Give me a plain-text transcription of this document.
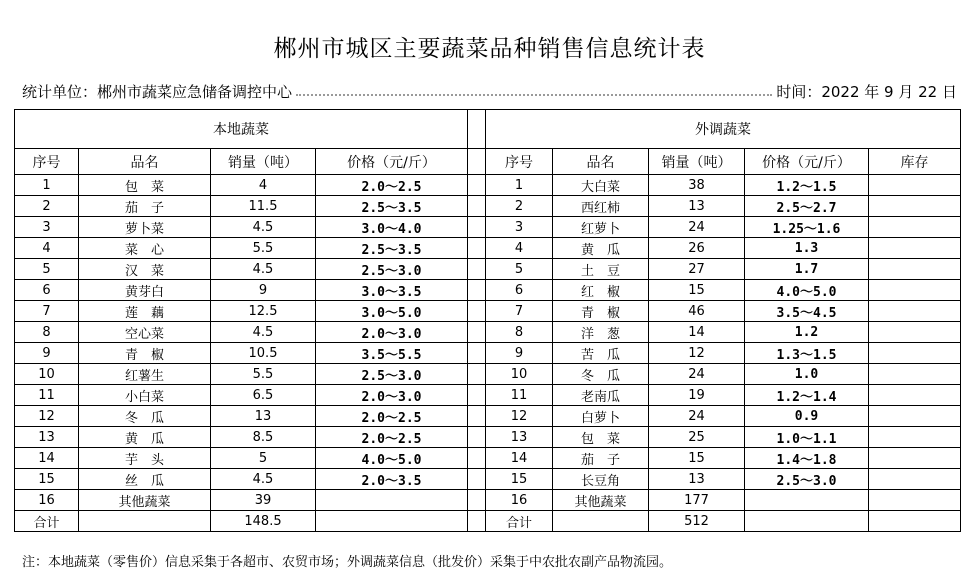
郴州市城区主要蔬菜品种销售信息统计表
统计单位：郴州市蔬菜应急储备调控中心	时间：2022 年 9 月 22 日
本地蔬菜					外调蔬菜				
序号	品名	销量（吨）	价格（元/斤）		序号	品名	销量（吨）	价格（元/斤）	库存
1	包　菜	4	2.0～2.5		1	大白菜	38	1.2～1.5	
2	茄　子	11.5	2.5～3.5		2	西红柿	13	2.5～2.7	
3	萝卜菜	4.5	3.0～4.0		3	红萝卜	24	1.25～1.6	
4	菜　心	5.5	2.5～3.5		4	黄　瓜	26	1.3	
5	汉　菜	4.5	2.5～3.0		5	土　豆	27	1.7	
6	黄芽白	9	3.0～3.5		6	红　椒	15	4.0～5.0	
7	莲　藕	12.5	3.0～5.0		7	青　椒	46	3.5～4.5	
8	空心菜	4.5	2.0～3.0		8	洋　葱	14	1.2	
9	青　椒	10.5	3.5～5.5		9	苦　瓜	12	1.3～1.5	
10	红薯生	5.5	2.5～3.0		10	冬　瓜	24	1.0	
11	小白菜	6.5	2.0～3.0		11	老南瓜	19	1.2～1.4	
12	冬　瓜	13	2.0～2.5		12	白萝卜	24	0.9	
13	黄　瓜	8.5	2.0～2.5		13	包　菜	25	1.0～1.1	
14	芋　头	5	4.0～5.0		14	茄　子	15	1.4～1.8	
15	丝　瓜	4.5	2.0～3.5		15	长豆角	13	2.5～3.0	
16	其他蔬菜	39			16	其他蔬菜	177		
合计		148.5			合计		512		
注：本地蔬菜（零售价）信息采集于各超市、农贸市场；外调蔬菜信息（批发价）采集于中农批农副产品物流园。
